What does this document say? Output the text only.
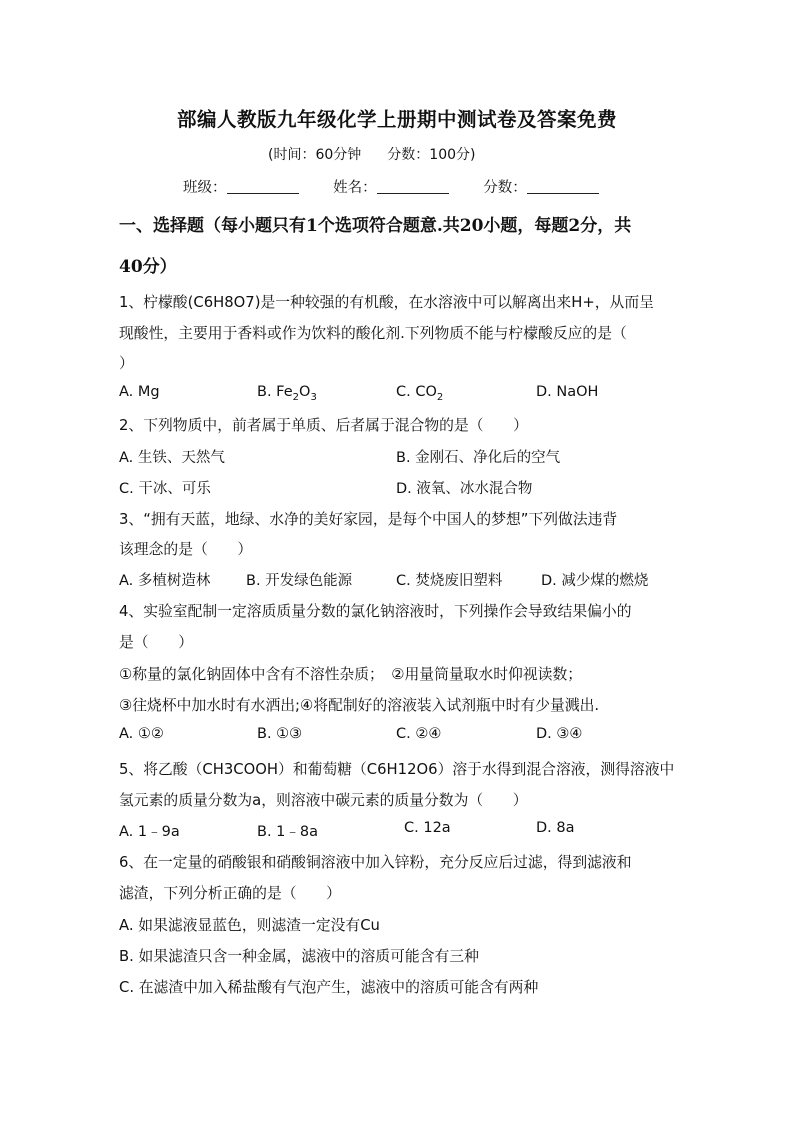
部编人教版九年级化学上册期中测试卷及答案免费
(时间：60分钟 分数：100分)
班级：	姓名：	分数：
一、选择题（每小题只有1个选项符合题意.共20小题，每题2分，共
40分）
1、柠檬酸(C6H8O7)是一种较强的有机酸，在水溶液中可以解离出来H+，从而呈
现酸性，主要用于香料或作为饮料的酸化剂.下列物质不能与柠檬酸反应的是（
）
A. Mg	B. $Fe_2O_3$	C. $CO_2$	D. NaOH
2、下列物质中，前者属于单质、后者属于混合物的是（　　）
A. 生铁、天然气	B. 金刚石、净化后的空气
C. 干冰、可乐	D. 液氧、冰水混合物
3、“拥有天蓝，地绿、水净的美好家园，是每个中国人的梦想”下列做法违背
该理念的是（　　）
A. 多植树造林 B. 开发绿色能源	C. 焚烧废旧塑料	D. 减少煤的燃烧
4、实验室配制一定溶质质量分数的氯化钠溶液时，下列操作会导致结果偏小的
是（　　）
①称量的氯化钠固体中含有不溶性杂质；　②用量筒量取水时仰视读数；
③往烧杯中加水时有水洒出;④将配制好的溶液装入试剂瓶中时有少量溅出.
A. ①②	B. ①③	C. ②④	D. ③④
5、将乙酸（CH3COOH）和葡萄糖（C6H12O6）溶于水得到混合溶液，测得溶液中
氢元素的质量分数为a，则溶液中碳元素的质量分数为（　　）
A. 1﹣9a	B. 1﹣8a	C. 12a	D. 8a
6、在一定量的硝酸银和硝酸铜溶液中加入锌粉，充分反应后过滤，得到滤液和
滤渣，下列分析正确的是（　　）
A. 如果滤液显蓝色，则滤渣一定没有Cu
B. 如果滤渣只含一种金属，滤液中的溶质可能含有三种
C. 在滤渣中加入稀盐酸有气泡产生，滤液中的溶质可能含有两种
